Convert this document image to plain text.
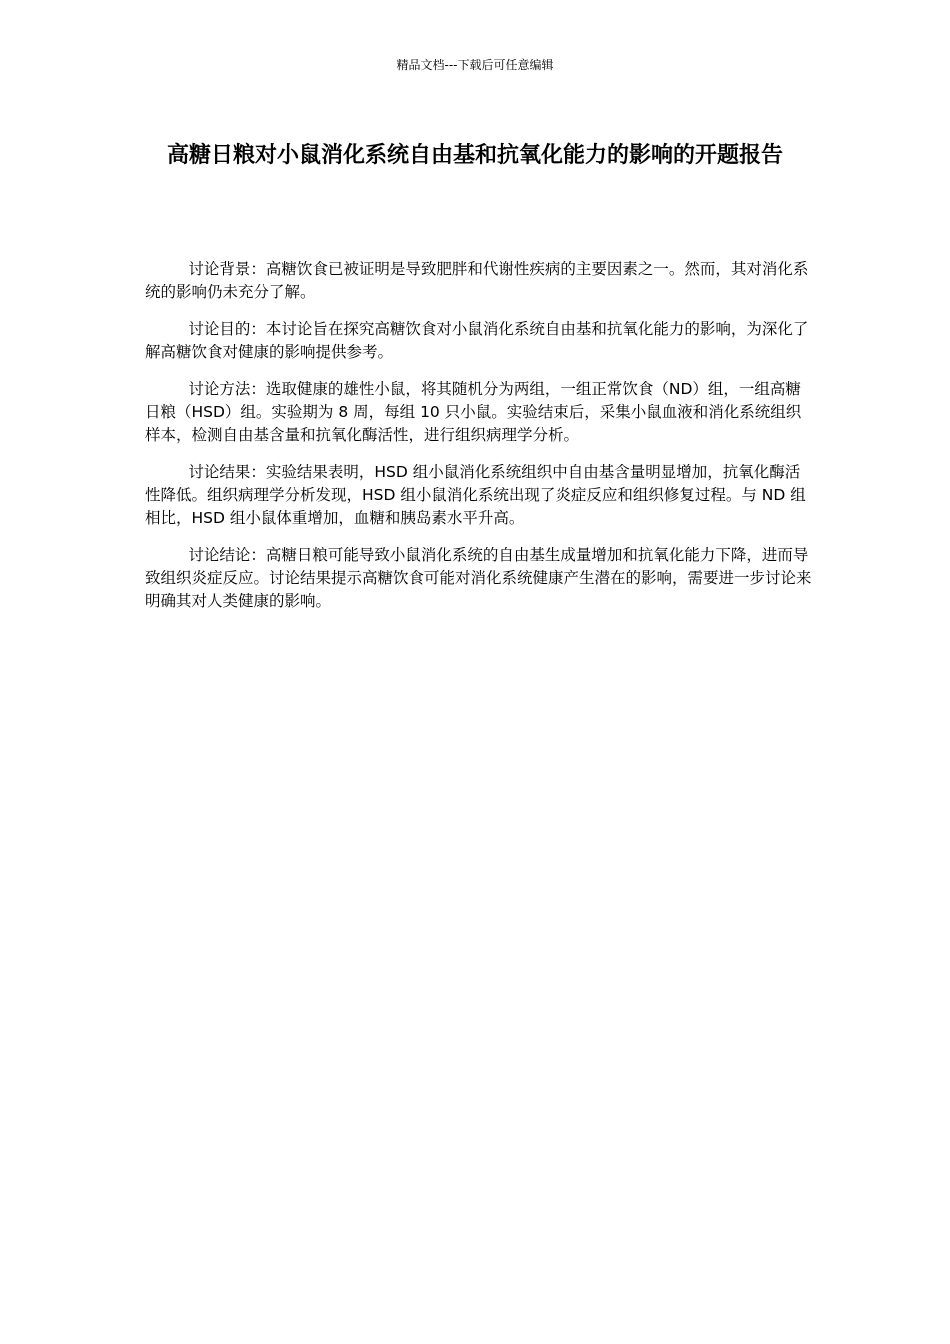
精品文档---下载后可任意编辑
高糖日粮对小鼠消化系统自由基和抗氧化能力的影响的开题报告

讨论背景：高糖饮食已被证明是导致肥胖和代谢性疾病的主要因素之一。然而，其对消化系统的影响仍未充分了解。

讨论目的：本讨论旨在探究高糖饮食对小鼠消化系统自由基和抗氧化能力的影响，为深化了解高糖饮食对健康的影响提供参考。

讨论方法：选取健康的雄性小鼠，将其随机分为两组，一组正常饮食（ND）组，一组高糖日粮（HSD）组。实验期为 8 周，每组 10 只小鼠。实验结束后，采集小鼠血液和消化系统组织样本，检测自由基含量和抗氧化酶活性，进行组织病理学分析。

讨论结果：实验结果表明，HSD 组小鼠消化系统组织中自由基含量明显增加，抗氧化酶活性降低。组织病理学分析发现，HSD 组小鼠消化系统出现了炎症反应和组织修复过程。与 ND 组相比，HSD 组小鼠体重增加，血糖和胰岛素水平升高。

讨论结论：高糖日粮可能导致小鼠消化系统的自由基生成量增加和抗氧化能力下降，进而导致组织炎症反应。讨论结果提示高糖饮食可能对消化系统健康产生潜在的影响，需要进一步讨论来明确其对人类健康的影响。
